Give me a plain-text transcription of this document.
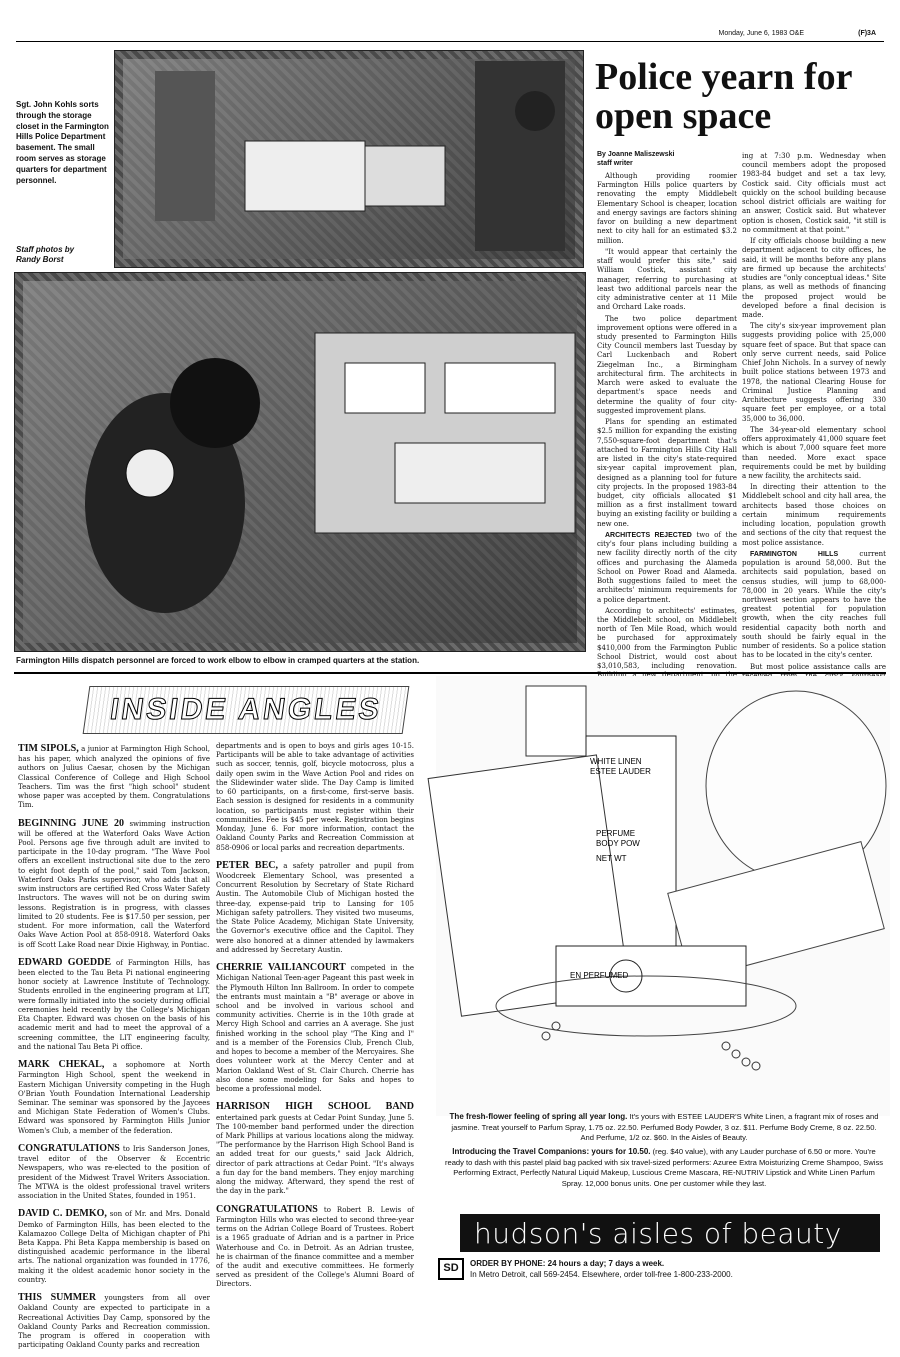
Monday, June 6, 1983 O&E	(F)3A
Sgt. John Kohls sorts through the storage closet in the Farmington Hills Police Department basement. The small room serves as storage quarters for department personnel.
Staff photos by
Randy Borst
Police yearn for open space
By Joanne Maliszewski
staff writer

Although providing roomier Farmington Hills police quarters by renovating the empty Middlebelt Elementary School is cheaper, location and energy savings are factors shining favor on building a new department next to city hall for an estimated $3.2 million.

"It would appear that certainly the staff would prefer this site," said William Costick, assistant city manager, referring to purchasing at least two additional parcels near the city administrative center at 11 Mile and Orchard Lake roads.

The two police department improvement options were offered in a study presented to Farmington Hills City Council members last Tuesday by Carl Luckenbach and Robert Ziegelman Inc., a Birmingham architectural firm. The architects in March were asked to evaluate the department's space needs and determine the quality of four city-suggested improvement plans.

Plans for spending an estimated $2.5 million for expanding the existing 7,550-square-foot department that's attached to Farmington Hills City Hall are listed in the city's state-required six-year capital improvement plan, designed as a planning tool for future city projects. In the proposed 1983-84 budget, city officials allocated $1 million as a first installment toward buying an existing facility or building a new one.

ARCHITECTS REJECTED two of the city's four plans including building a new facility directly north of the city offices and purchasing the Alameda School on Power Road and Alameda. Both suggestions failed to meet the architects' minimum requirements for a police department.

According to architects' estimates, the Middlebelt school, on Middlebelt north of Ten Mile Road, which would be purchased for approximately $410,000 from the Farmington Public School District, would cost about $3,010,583, including renovation.

ing at 7:30 p.m. Wednesday when council members adopt the proposed 1983-84 budget and set a tax levy, Costick said. City officials must act quickly on the school building because school district officials are waiting for an answer, Costick said. But whatever option is chosen, Costick said, "it still is no commitment at that point."

If city officials choose building a new department adjacent to city offices, he said, it will be months before any plans are firmed up because the architects' studies are "only conceptual ideas." Site plans, as well as methods of financing the proposed project would be developed before a final decision is made.

The city's six-year improvement plan suggests providing police with 25,000 square feet of space. But that space can only serve current needs, said Police Chief John Nichols. In a survey of newly built police stations between 1973 and 1978, the national Clearing House for Criminal Justice Planning and Architecture suggests offering 330 square feet per employee, or a total 35,000 to 36,000.

The 34-year-old elementary school offers approximately 41,000 square feet which is about 7,000 square feet more than needed. More exact space requirements could be met by building a new facility, the architects said.

In directing their attention to the Middlebelt school and city hall area, the architects based those choices on certain minimum requirements including location, population growth and sections of the city that request the most police assistance.

FARMINGTON HILLS	current population is around 58,000. But the architects said population, based on census studies, will jump to 68,000-78,000 in 20 years. While the city's northwest section appears to have the greatest potential for population growth, when the city reaches full residential capacity both north and south should be fairly equal in the number of residents. So a police station has to be located in the city's center.

But most police assistance calls are

Farmington Hills dispatch personnel are forced to work elbow to elbow in cramped quarters at the station.
INSIDE ANGLES
TIM SIPOLS, a junior at Farmington High School, has his paper, which analyzed the opinions of five authors on Julius Caesar, chosen by the Michigan Classical Conference of College and High School Teachers. Tim was the first "high school" student whose paper was accepted by them. Congratulations Tim.
BEGINNING JUNE 20 swimming instruction will be offered at the Waterford Oaks Wave Action Pool. Persons age five through adult are invited to participate in the 10-day program. "The Wave Pool offers an excellent instructional site due to the zero to eight foot depth of the pool," said Tom Jackson, Waterford Oaks Parks supervisor, who adds that all swim instructors are certified Red Cross Water Safety Instructors. The waves will not be on during swim lessons. Registration is in progress, with classes limited to 20 students. Fee is $17.50 per session, per student. For more information, call the Waterford Oaks Wave Action Pool at 858-0918. Waterford Oaks is off Scott Lake Road near Dixie Highway, in Pontiac.
EDWARD GOEDDE of Farmington Hills, has been elected to the Tau Beta Pi national engineering honor society at Lawrence Institute of Technology. Students enrolled in the engineering program at LIT, were formally initiated into the society during official ceremonies held recently by the College's Michigan Eta Chapter. Edward was chosen on the basis of his academic merit and had to meet the approval of a screening committee, the LIT engineering faculty, and the national Tau Beta Pi office.
MARK CHEKAL, a sophomore at North Farmington High School, spent the weekend in Eastern Michigan University competing in the Hugh O'Brian Youth Foundation International Leadership Seminar. The seminar was sponsored by the Jaycees and Michigan State Federation of Women's Clubs. Edward was sponsored by Farmington Hills Junior Women's Club, a member of the federation.
CONGRATULATIONS to Iris Sanderson Jones, travel editor of the Observer & Eccentric Newspapers, who was re-elected to the position of president of the Midwest Travel Writers Association. The MTWA is the oldest professional travel writers association in the United States, founded in 1951.
DAVID C. DEMKO, son of Mr. and Mrs. Donald Demko of Farmington Hills, has been elected to the Kalamazoo College Delta of Michigan chapter of Phi Beta Kappa. Phi Beta Kappa membership is based on distinguished academic performance in the liberal arts. The national organization was founded in 1776, making it the oldest academic honor society in the country.
THIS SUMMER youngsters from all over Oakland County are expected to participate in a Recreational Activities Day Camp, sponsored by the Oakland County Parks and Recreation commission. The program is offered in cooperation with participating Oakland County parks and recreation
departments and is open to boys and girls ages 10-15. Participants will be able to take advantage of activities such as soccer, tennis, golf, bicycle motocross, plus a daily open swim in the Wave Action Pool and rides on the Slidewinder water slide. The Day Camp is limited to 60 participants, on a first-come, first-serve basis. Each session is designed for residents in a community location, so participants must register within their communities. Fee is $45 per week. Registration begins Monday, June 6. For more information, contact the Oakland County Parks and Recreation Commission at 858-0906 or local parks and recreation departments.
PETER BEC, a safety patroller and pupil from Woodcreek Elementary School, was presented a Concurrent Resolution by Secretary of State Richard Austin. The Automobile Club of Michigan hosted the three-day, expense-paid trip to Lansing for 105 Michigan safety patrollers. They visited two museums, the State Police Academy, Michigan State University, the Governor's executive office and the Capitol. They were also honored at a dinner attended by lawmakers and addressed by Secretary Austin.
CHERRIE VAILIANCOURT competed in the Michigan National Teen-ager Pageant this past week in the Plymouth Hilton Inn Ballroom. In order to compete the entrants must maintain a "B" average or above in school and be involved in various school and community activities. Cherrie is in the 10th grade at Mercy High School and carries an A average. She just finished working in the school play "The King and I" and is a member of the Forensics Club, French Club, and hopes to become a member of the Mercyaires. She does volunteer work at the Mercy Center and at Marion Oakland West of St. Clair Church. Cherrie has also done some modeling for Saks and hopes to become a professional model.
HARRISON HIGH SCHOOL BAND entertained park guests at Cedar Point Sunday, June 5. The 100-member band performed under the direction of Mark Phillips at various locations along the midway. "The performance by the Harrison High School Band is an added treat for our guests," said Jack Aldrich, director of park attractions at Cedar Point. "It's always a fun day for the band members. They enjoy marching along the midway. Afterward, they spend the rest of the day in the park."
CONGRATULATIONS to Robert B. Lewis of Farmington Hills who was elected to second three-year terms on the Adrian College Board of Trustees. Robert is a 1965 graduate of Adrian and is a partner in Price Waterhouse and Co. in Detroit. As an Adrian trustee, he is chairman of the finance committee and a member of the audit and executive committees. He formerly served as president of the College's Alumni Board of Directors.
WHITE LINEN
ESTEE LAUDER
PERFUME
BODY POW
NET WT
EN PERFUMED
The fresh-flower feeling of spring all year long. It's yours with ESTEE LAUDER'S White Linen, a fragrant mix of roses and jasmine. Treat yourself to Parfum Spray, 1.75 oz. 22.50. Perfumed Body Powder, 3 oz. $11. Perfume Body Creme, 8 oz. 22.50. And Perfume, 1/2 oz. $60. In the Aisles of Beauty.
Introducing the Travel Companions: yours for 10.50. (reg. $40 value), with any Lauder purchase of 6.50 or more. You're ready to dash with this pastel plaid bag packed with six travel-sized performers: Azuree Extra Moisturizing Creme Shampoo, Swiss Performing Extract, Perfectly Natural Liquid Makeup, Luscious Creme Mascara, RE-NUTRIV Lipstick and White Linen Parfum Spray. 12,000 bonus units. One per customer while they last.
hudson's aisles of beauty
SD	ORDER BY PHONE: 24 hours a day; 7 days a week.
In Metro Detroit, call 569-2454. Elsewhere, order toll-free 1-800-233-2000.
